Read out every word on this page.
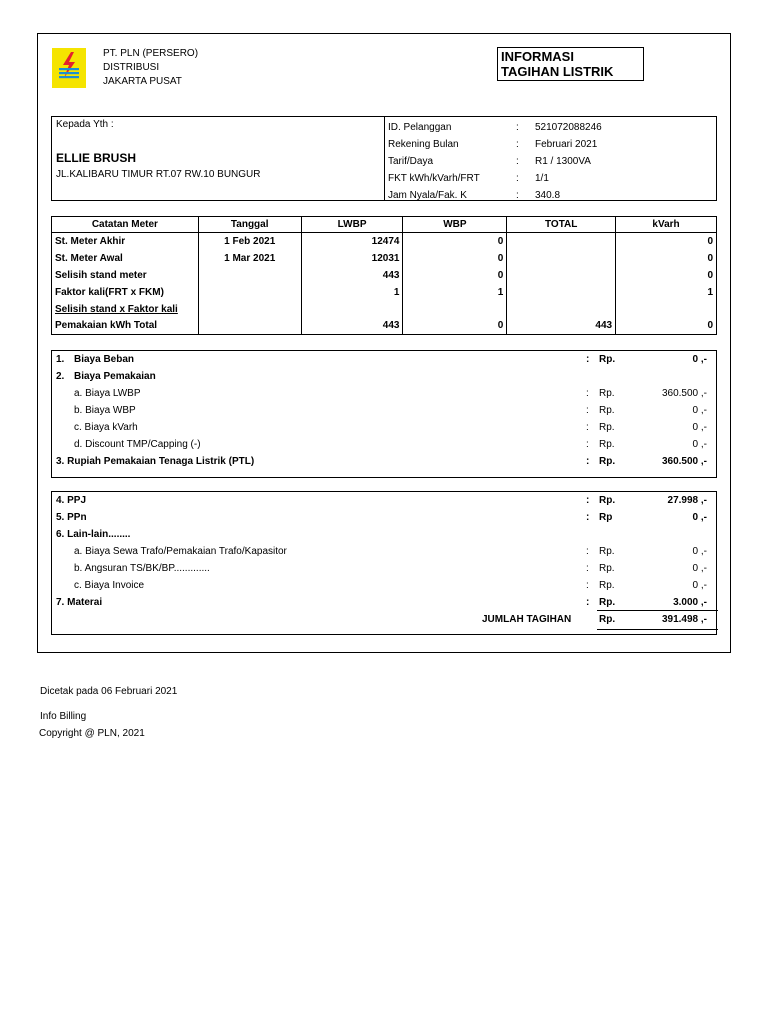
PT. PLN (PERSERO)
DISTRIBUSI
JAKARTA PUSAT
INFORMASI
TAGIHAN LISTRIK
Kepada Yth :
ELLIE BRUSH
JL.KALIBARU TIMUR RT.07 RW.10 BUNGUR
ID. Pelanggan	: 521072088246
Rekening Bulan	: Februari 2021
Tarif/Daya	: R1 / 1300VA
FKT kWh/kVarh/FRT	: 1/1
Jam Nyala/Fak. K	: 340.8
Catatan Meter	Tanggal	LWBP	WBP	TOTAL	kVarh
St. Meter Akhir	1 Feb 2021	12474	0		0
St. Meter Awal	1 Mar 2021	12031	0		0
Selisih stand meter		443	0		0
Faktor kali(FRT x FKM)		1	1		1
Selisih stand x Faktor kali					
Pemakaian kWh Total		443	0	443	0
1. Biaya Beban	: Rp.	0 ,-
2. Biaya Pemakaian
a. Biaya LWBP	: Rp.	360.500 ,-
b. Biaya WBP	: Rp.	0 ,-
c. Biaya kVarh	: Rp.	0 ,-
d. Discount TMP/Capping (-)	: Rp.	0 ,-
3. Rupiah Pemakaian Tenaga Listrik (PTL)	: Rp.	360.500 ,-
4. PPJ	: Rp.	27.998 ,-
5. PPn	: Rp	0 ,-
6. Lain-lain........
a. Biaya Sewa Trafo/Pemakaian Trafo/Kapasitor	: Rp.	0 ,-
b. Angsuran TS/BK/BP.............	: Rp.	0 ,-
c. Biaya Invoice	: Rp.	0 ,-
7. Materai	: Rp.	3.000 ,-
JUMLAH TAGIHAN	Rp.	391.498 ,-
Dicetak pada 06 Februari 2021
Info Billing
Copyright @ PLN, 2021
